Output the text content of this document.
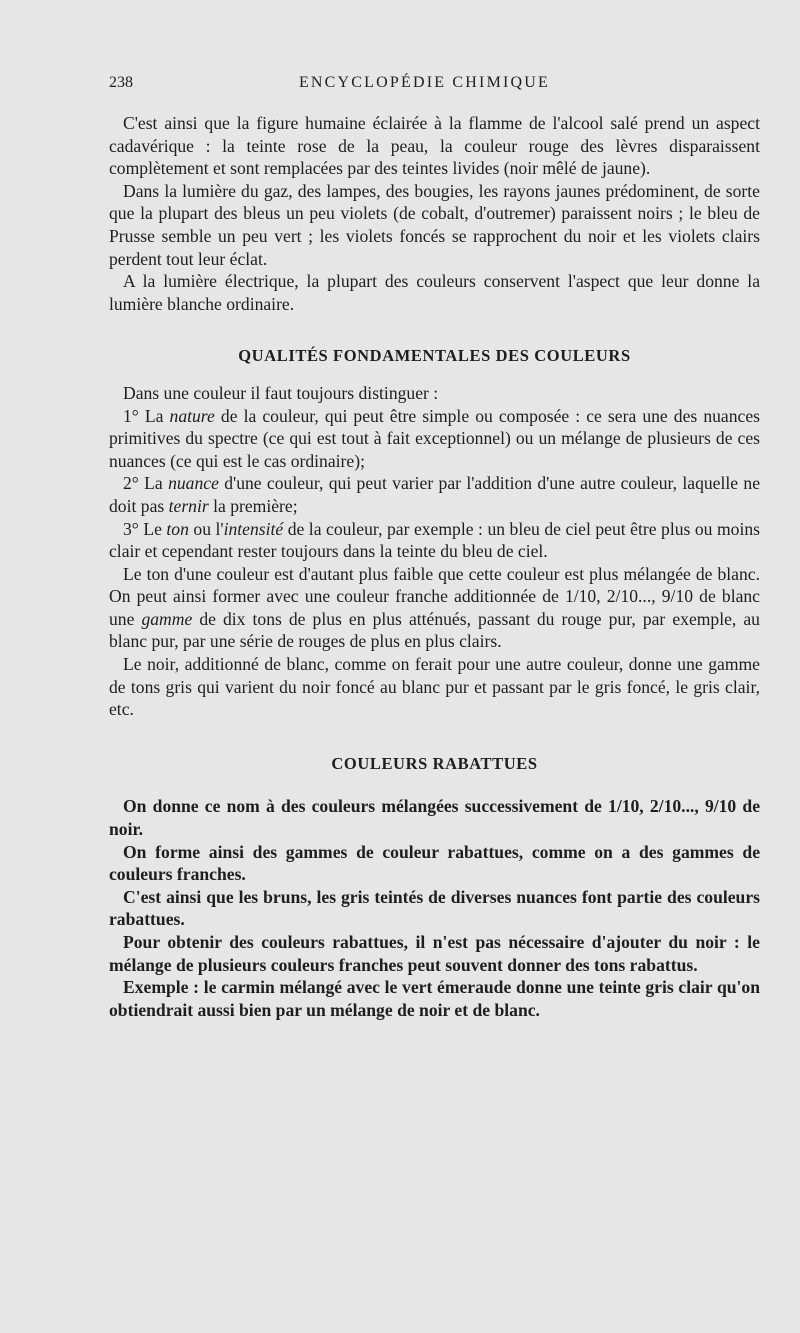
238	ENCYCLOPÉDIE CHIMIQUE

C'est ainsi que la figure humaine éclairée à la flamme de l'alcool salé prend un aspect cadavérique : la teinte rose de la peau, la couleur rouge des lèvres disparaissent complètement et sont remplacées par des teintes livides (noir mêlé de jaune).

Dans la lumière du gaz, des lampes, des bougies, les rayons jaunes prédominent, de sorte que la plupart des bleus un peu violets (de cobalt, d'outremer) paraissent noirs ; le bleu de Prusse semble un peu vert ; les violets foncés se rapprochent du noir et les violets clairs perdent tout leur éclat.

A la lumière électrique, la plupart des couleurs conservent l'aspect que leur donne la lumière blanche ordinaire.

QUALITÉS FONDAMENTALES DES COULEURS

Dans une couleur il faut toujours distinguer :

1° La nature de la couleur, qui peut être simple ou composée : ce sera une des nuances primitives du spectre (ce qui est tout à fait exceptionnel) ou un mélange de plusieurs de ces nuances (ce qui est le cas ordinaire);

2° La nuance d'une couleur, qui peut varier par l'addition d'une autre couleur, laquelle ne doit pas ternir la première;

3° Le ton ou l'intensité de la couleur, par exemple : un bleu de ciel peut être plus ou moins clair et cependant rester toujours dans la teinte du bleu de ciel.

Le ton d'une couleur est d'autant plus faible que cette couleur est plus mélangée de blanc. On peut ainsi former avec une couleur franche additionnée de 1/10, 2/10..., 9/10 de blanc une gamme de dix tons de plus en plus atténués, passant du rouge pur, par exemple, au blanc pur, par une série de rouges de plus en plus clairs.

Le noir, additionné de blanc, comme on ferait pour une autre couleur, donne une gamme de tons gris qui varient du noir foncé au blanc pur et passant par le gris foncé, le gris clair, etc.

COULEURS RABATTUES

On donne ce nom à des couleurs mélangées successivement de 1/10, 2/10..., 9/10 de noir.

On forme ainsi des gammes de couleur rabattues, comme on a des gammes de couleurs franches.

C'est ainsi que les bruns, les gris teintés de diverses nuances font partie des couleurs rabattues.

Pour obtenir des couleurs rabattues, il n'est pas nécessaire d'ajouter du noir : le mélange de plusieurs couleurs franches peut souvent donner des tons rabattus.

Exemple : le carmin mélangé avec le vert émeraude donne une teinte gris clair qu'on obtiendrait aussi bien par un mélange de noir et de blanc.
